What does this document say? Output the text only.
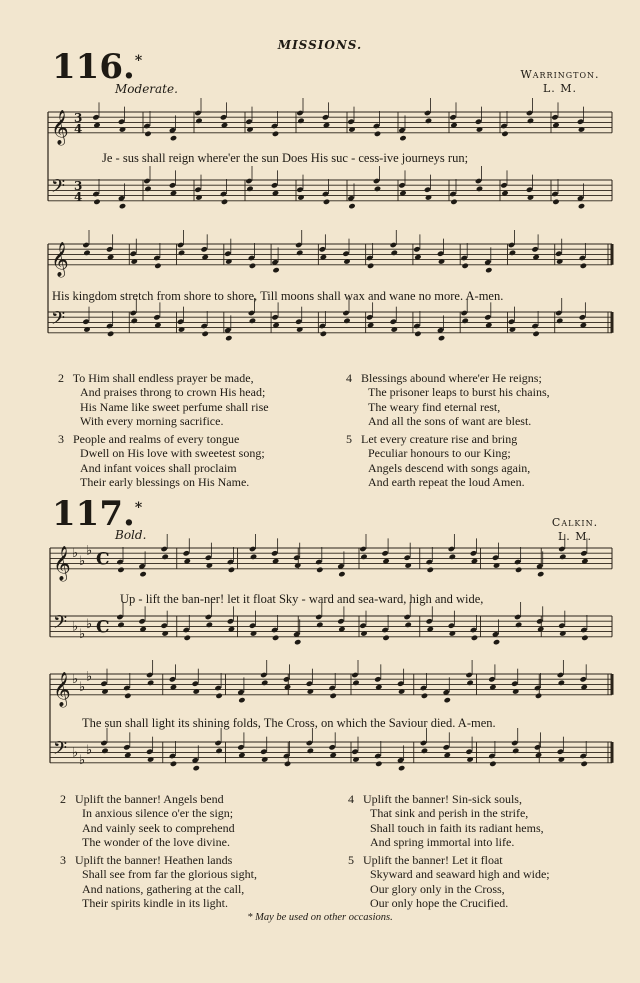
MISSIONS.
116.*
Moderate.
Warrington.
L. M.
𝄞 3
4
𝄢 3
4
Je - sus shall reign where'er the sun Does His suc - cess-ive journeys run;
𝄞
𝄢
His kingdom stretch from shore to shore, Till moons shall wax and wane no more. A-men.
2 To Him shall endless prayer be made,
And praises throng to crown His head;
His Name like sweet perfume shall rise
With every morning sacrifice.
3 People and realms of every tongue
Dwell on His love with sweetest song;
And infant voices shall proclaim
Their early blessings on His Name.
4 Blessings abound where'er He reigns;
The prisoner leaps to burst his chains,
The weary find eternal rest,
And all the sons of want are blest.
5 Let every creature rise and bring
Peculiar honours to our King;
Angels descend with songs again,
And earth repeat the loud Amen.
117.*
Bold.
Calkin.
L. M.
𝄞 ♭
♭
♭ C
𝄢 ♭
♭
♭ C
Up - lift the ban-ner! let it float Sky - ward and sea-ward, high and wide,
𝄞 ♭
♭
♭
𝄢 ♭
♭
♭
The sun shall light its shining folds, The Cross, on which the Saviour died. A-men.
2 Uplift the banner! Angels bend
In anxious silence o'er the sign;
And vainly seek to comprehend
The wonder of the love divine.
3 Uplift the banner! Heathen lands
Shall see from far the glorious sight,
And nations, gathering at the call,
Their spirits kindle in its light.
4 Uplift the banner! Sin-sick souls,
That sink and perish in the strife,
Shall touch in faith its radiant hems,
And spring immortal into life.
5 Uplift the banner! Let it float
Skyward and seaward high and wide;
Our glory only in the Cross,
Our only hope the Crucified.
* May be used on other occasions.
